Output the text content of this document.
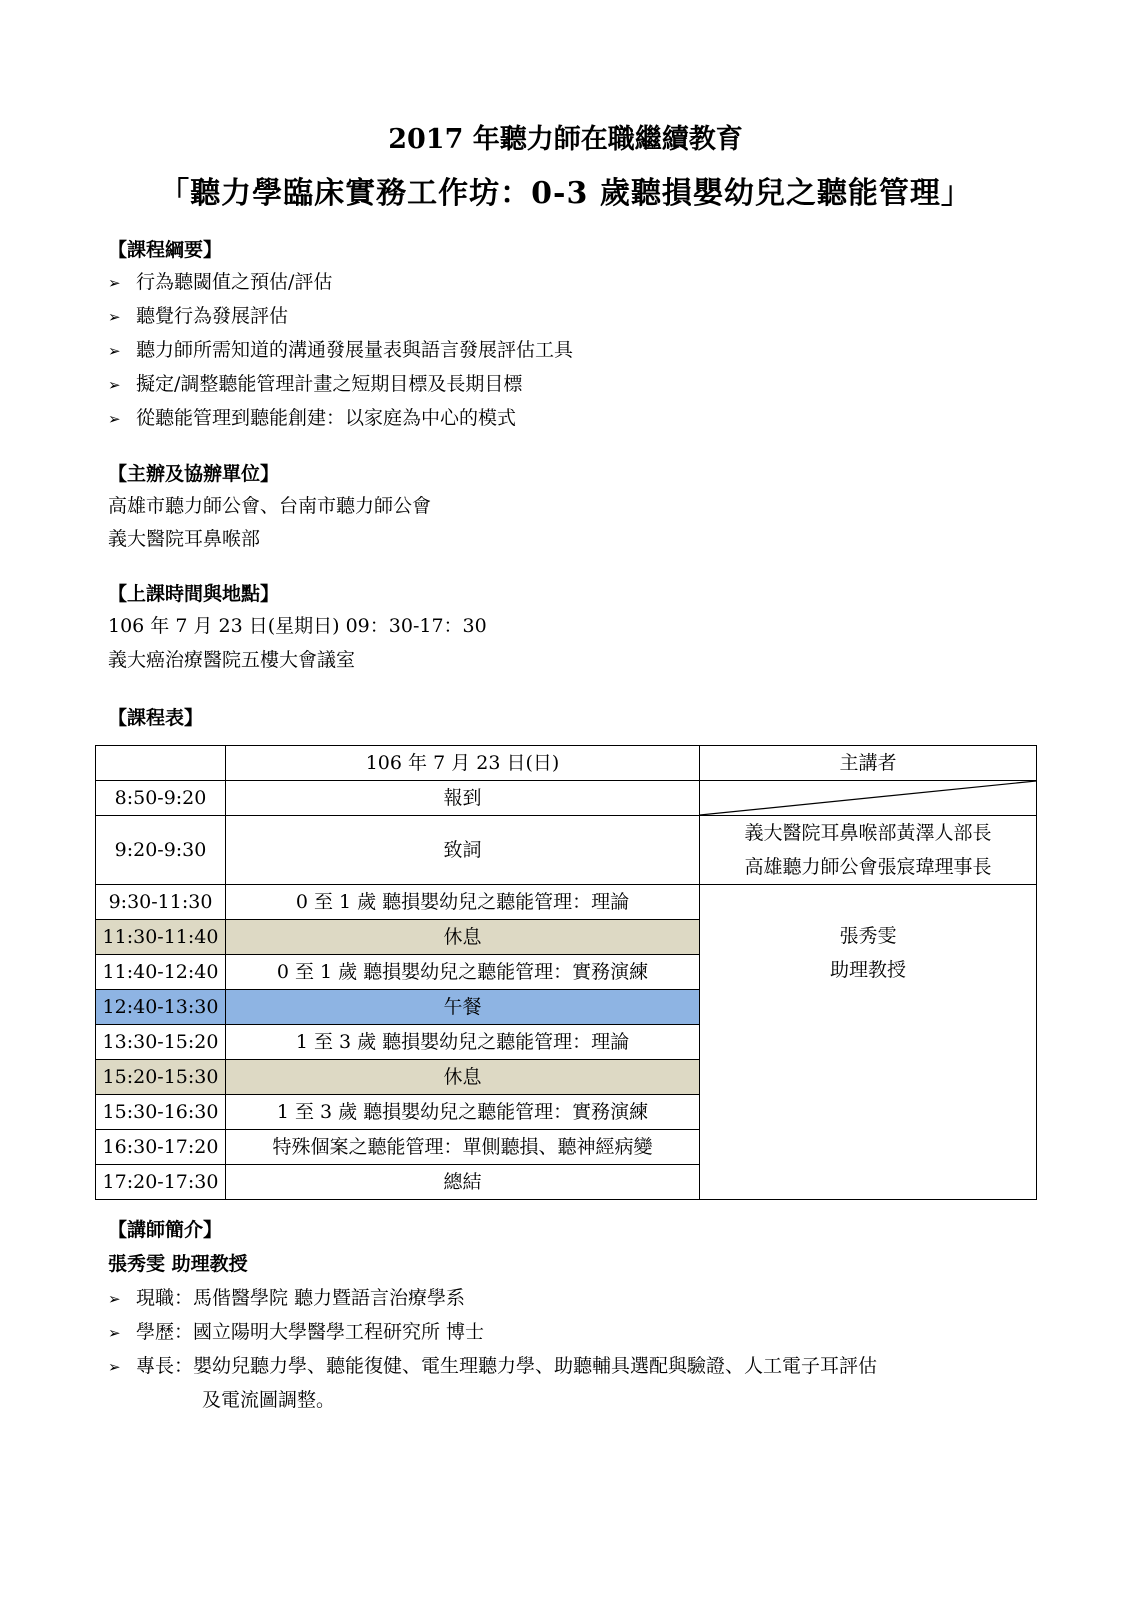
2017 年聽力師在職繼續教育
「聽力學臨床實務工作坊：0-3 歲聽損嬰幼兒之聽能管理」
【課程綱要】
➢ 行為聽閾值之預估/評估
➢ 聽覺行為發展評估
➢ 聽力師所需知道的溝通發展量表與語言發展評估工具
➢ 擬定/調整聽能管理計畫之短期目標及長期目標
➢ 從聽能管理到聽能創建：以家庭為中心的模式
【主辦及協辦單位】
高雄市聽力師公會、台南市聽力師公會
義大醫院耳鼻喉部
【上課時間與地點】
106 年 7 月 23 日(星期日) 09：30-17：30
義大癌治療醫院五樓大會議室
【課程表】
	106 年 7 月 23 日(日)	主講者
8:50-9:20	報到	

9:20-9:30	致詞	義大醫院耳鼻喉部黃澤人部長
高雄聽力師公會張宸瑋理事長

9:30-11:30	0 至 1 歲 聽損嬰幼兒之聽能管理：理論	張秀雯
助理教授

11:30-11:40	休息	
11:40-12:40	0 至 1 歲 聽損嬰幼兒之聽能管理：實務演練	
12:40-13:30	午餐	
13:30-15:20	1 至 3 歲 聽損嬰幼兒之聽能管理：理論	
15:20-15:30	休息	
15:30-16:30	1 至 3 歲 聽損嬰幼兒之聽能管理：實務演練	
16:30-17:20	特殊個案之聽能管理：單側聽損、聽神經病變	
17:20-17:30	總結	
【講師簡介】
張秀雯 助理教授
➢ 現職：馬偕醫學院 聽力暨語言治療學系
➢ 學歷：國立陽明大學醫學工程研究所 博士
➢ 專長：嬰幼兒聽力學、聽能復健、電生理聽力學、助聽輔具選配與驗證、人工電子耳評估
及電流圖調整。
